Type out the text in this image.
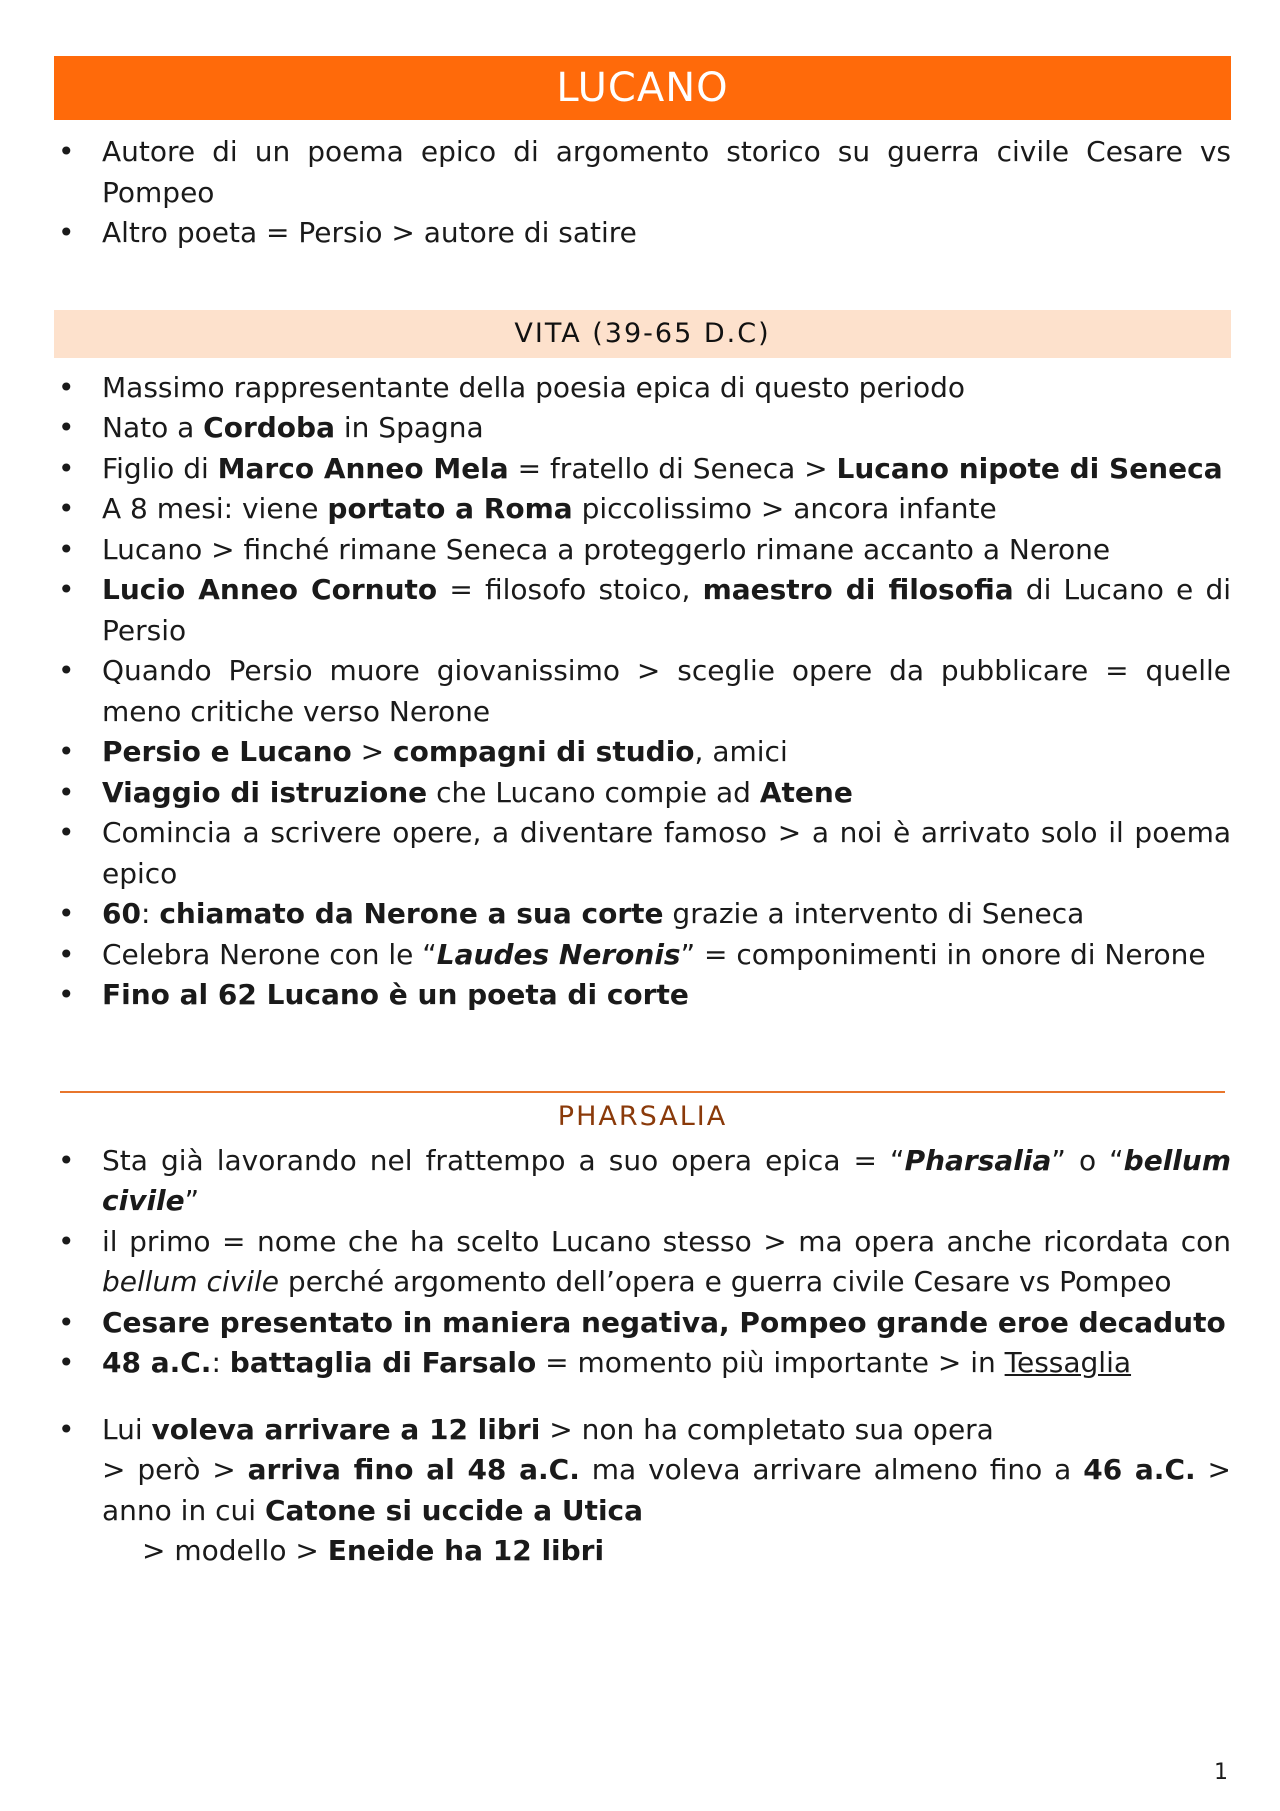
LUCANO
• Autore di un poema epico di argomento storico su guerra civile Cesare vs Pompeo
• Altro poeta = Persio > autore di satire
VITA (39-65 D.C)
• Massimo rappresentante della poesia epica di questo periodo
• Nato a Cordoba in Spagna
• Figlio di Marco Anneo Mela = fratello di Seneca > Lucano nipote di Seneca
• A 8 mesi: viene portato a Roma piccolissimo > ancora infante
• Lucano > finché rimane Seneca a proteggerlo rimane accanto a Nerone
• Lucio Anneo Cornuto = filosofo stoico, maestro di filosofia di Lucano e di Persio
• Quando Persio muore giovanissimo > sceglie opere da pubblicare = quelle meno critiche verso Nerone
• Persio e Lucano > compagni di studio, amici
• Viaggio di istruzione che Lucano compie ad Atene
• Comincia a scrivere opere, a diventare famoso > a noi è arrivato solo il poema epico
• 60: chiamato da Nerone a sua corte grazie a intervento di Seneca
• Celebra Nerone con le “Laudes Neronis” = componimenti in onore di Nerone
• Fino al 62 Lucano è un poeta di corte
PHARSALIA
• Sta già lavorando nel frattempo a suo opera epica = “Pharsalia” o “bellum civile”
• il primo = nome che ha scelto Lucano stesso > ma opera anche ricordata con bellum civile perché argomento dell’opera e guerra civile Cesare vs Pompeo
• Cesare presentato in maniera negativa, Pompeo grande eroe decaduto
• 48 a.C.: battaglia di Farsalo = momento più importante > in Tessaglia
• Lui voleva arrivare a 12 libri > non ha completato sua opera
> però > arriva fino al 48 a.C. ma voleva arrivare almeno fino a 46 a.C. > anno in cui Catone si uccide a Utica
> modello > Eneide ha 12 libri
1
